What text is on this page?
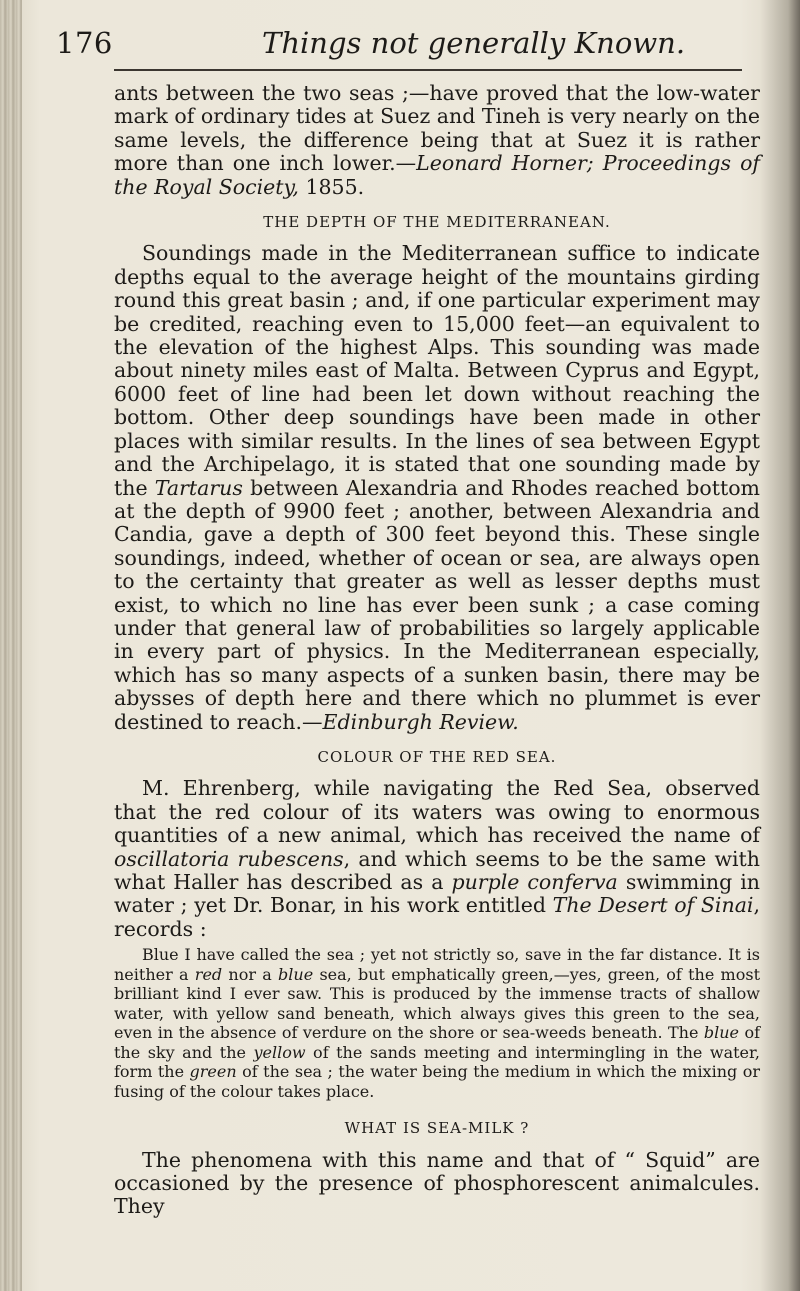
176	Things not generally Known.

ants between the two seas ;—have proved that the low-water mark of ordinary tides at Suez and Tineh is very nearly on the same levels, the difference being that at Suez it is rather more than one inch lower.—Leonard Horner; Proceedings of the Royal Society, 1855.

THE DEPTH OF THE MEDITERRANEAN.

Soundings made in the Mediterranean suffice to indicate depths equal to the average height of the mountains girding round this great basin ; and, if one particular experiment may be credited, reaching even to 15,000 feet—an equivalent to the elevation of the highest Alps. This sounding was made about ninety miles east of Malta. Between Cyprus and Egypt, 6000 feet of line had been let down without reaching the bottom. Other deep soundings have been made in other places with similar results. In the lines of sea between Egypt and the Archipelago, it is stated that one sounding made by the Tartarus between Alexandria and Rhodes reached bottom at the depth of 9900 feet ; another, between Alexandria and Candia, gave a depth of 300 feet beyond this. These single soundings, indeed, whether of ocean or sea, are always open to the certainty that greater as well as lesser depths must exist, to which no line has ever been sunk ; a case coming under that general law of probabilities so largely applicable in every part of physics. In the Mediterranean especially, which has so many aspects of a sunken basin, there may be abysses of depth here and there which no plummet is ever destined to reach.—Edinburgh Review.

COLOUR OF THE RED SEA.

M. Ehrenberg, while navigating the Red Sea, observed that the red colour of its waters was owing to enormous quantities of a new animal, which has received the name of oscillatoria rubescens, and which seems to be the same with what Haller has described as a purple conferva swimming in water ; yet Dr. Bonar, in his work entitled The Desert of Sinai, records :

Blue I have called the sea ; yet not strictly so, save in the far distance. It is neither a red nor a blue sea, but emphatically green,—yes, green, of the most brilliant kind I ever saw. This is produced by the immense tracts of shallow water, with yellow sand beneath, which always gives this green to the sea, even in the absence of verdure on the shore or sea-weeds beneath. The blue of the sky and the yellow of the sands meeting and intermingling in the water, form the green of the sea ; the water being the medium in which the mixing or fusing of the colour takes place.

WHAT IS SEA-MILK ?

The phenomena with this name and that of “ Squid” are occasioned by the presence of phosphorescent animalcules. They
